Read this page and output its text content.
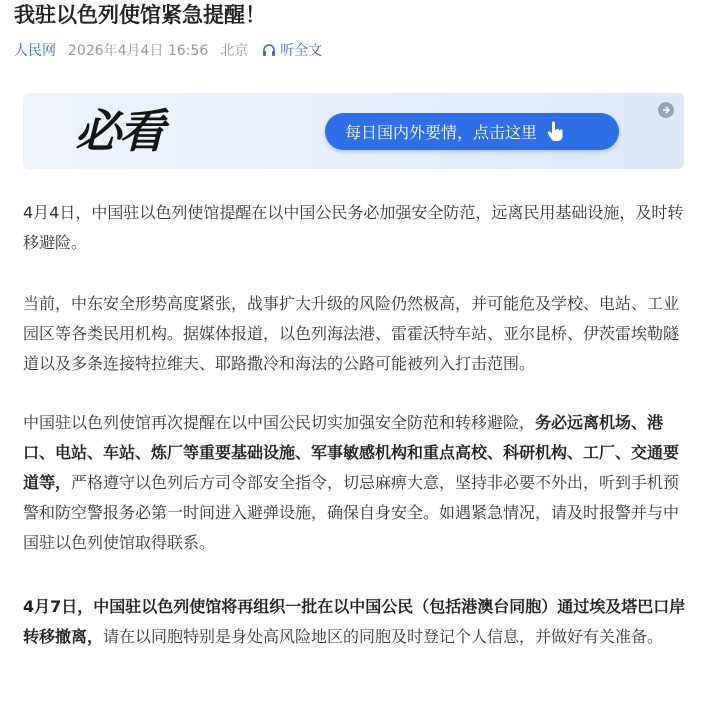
我驻以色列使馆紧急提醒！
人民网 2026年4月4日 16:56 北京 听全文
必看	每日国内外要情，点击这里

4月4日，中国驻以色列使馆提醒在以中国公民务必加强安全防范，远离民用基础设施，及时转移避险。

当前，中东安全形势高度紧张，战事扩大升级的风险仍然极高，并可能危及学校、电站、工业园区等各类民用机构。据媒体报道，以色列海法港、雷霍沃特车站、亚尔昆桥、伊茨雷埃勒隧道以及多条连接特拉维夫、耶路撒冷和海法的公路可能被列入打击范围。

中国驻以色列使馆再次提醒在以中国公民切实加强安全防范和转移避险，务必远离机场、港口、电站、车站、炼厂等重要基础设施、军事敏感机构和重点高校、科研机构、工厂、交通要道等，严格遵守以色列后方司令部安全指令，切忌麻痹大意，坚持非必要不外出，听到手机预警和防空警报务必第一时间进入避弹设施，确保自身安全。如遇紧急情况，请及时报警并与中国驻以色列使馆取得联系。

4月7日，中国驻以色列使馆将再组织一批在以中国公民（包括港澳台同胞）通过埃及塔巴口岸转移撤离，请在以同胞特别是身处高风险地区的同胞及时登记个人信息，并做好有关准备。
